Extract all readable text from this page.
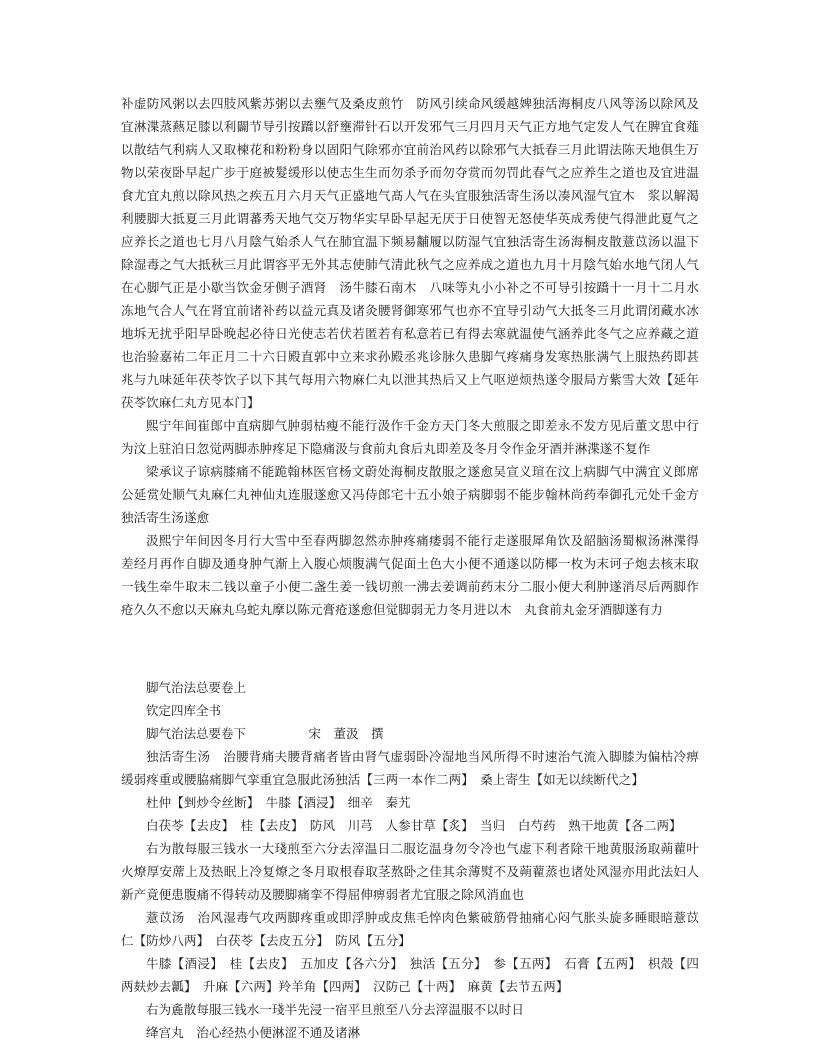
补虚防风粥以去四肢风紫苏粥以去壅气及桑皮煎竹　防风引续命风缓越婢独活海桐皮八风等汤以除风及宜淋渫蒸爇足膝以利闢节导引按蹻以舒壅滞针石以开发邪气三月四月天气正方地气定发人气在脾宜食薤以散结气利病人又取楝花和粉粉身以固阳气除邪亦宜前治风药以除邪气大抵春三月此谓法陈天地俱生万物以荣夜卧早起广步于庭被髮缓形以使志生生而勿杀予而勿夺赏而勿罚此春气之应养生之道也及宜进温食尤宜丸煎以除风热之疾五月六月天气正盛地气髙人气在头宜服独活寄生汤以凑风湿气宜木　浆以解渴利腰脚大抵夏三月此谓蕃秀天地气交万物华实早卧早起无厌于日使智无怒使华英成秀使气得泄此夏气之应养长之道也七月八月陰气始杀人气在肺宜温下频易黼履以防湿气宜独活寄生汤海桐皮散薏苡汤以温下除湿毒之气大抵秋三月此谓容平无外其志使肺气清此秋气之应养成之道也九月十月陰气始水地气闭人气在心脚气正是小歇当饮金牙侧子酒肾　汤牛膝石南木　八味等丸小小补之不可导引按蹻十一月十二月水冻地气合人气在肾宜前诸补药以益元真及诸灸腰肾御寒邪气也亦不宜导引动气大抵冬三月此谓闭藏水冰地坼无扰乎阳早卧晚起必待日光使志若伏若匿若有私意若已有得去寒就温使气涵养此冬气之应养藏之道也治验嘉祐二年正月二十六日殿直郭中立来求孙殿丞兆诊脉久患脚气疼痛身发寒热胀满气上服热药即甚兆与九味延年茯苓饮子以下其气每用六物麻仁丸以泄其热后又上气呕逆烦热遂令服局方紫雪大效【延年茯苓饮麻仁丸方见本门】

熙宁年间崔郎中直病脚气肿弱枯瘦不能行汲作千金方天门冬大煎服之即差永不发方见后董文思中行为汶上驻泊日忽觉两脚赤肿疼足下隐痛汲与食前丸食后丸即差及冬月令作金牙酒并淋渫遂不复作

梁承议子谅病膝痛不能跪翰林医官杨文蔚处海桐皮散服之遂愈吴宣义瑄在汶上病脚气中满宜义郎席公延赏处顺气丸麻仁丸神仙丸连服遂愈又冯侍郎宅十五小娘子病脚弱不能步翰林尚药奉御孔元处千金方独活寄生汤遂愈

汲熙宁年间因冬月行大雪中至春两脚忽然赤肿疼痛痿弱不能行走遂服犀角饮及韶脑汤蜀椒汤淋渫得差经月再作自脚及通身肿气渐上入腹心烦腹满气促面土色大小便不通遂以防椰一枚为末诃子炮去核末取一钱生牵牛取末二钱以童子小便二盏生姜一钱切煎一沸去姜调前药末分二服小便大利肿遂消尽后两脚作疮久久不愈以天麻丸乌蛇丸摩以陈元膏疮遂愈但觉脚弱无力冬月进以木　丸食前丸金牙酒脚遂有力

脚气治法总要卷上

钦定四库全书

脚气治法总要卷下　　　　　宋　董汲　撰

独活寄生汤　治腰背痛夫腰背痛者皆由肾气虚弱卧冷湿地当风所得不时速治气流入脚膝为偏枯冷痹缓弱疼重或腰脇痛脚气挛重宜急服此汤独活【三两一本作二两】　桑上寄生【如无以续断代之】

杜仲【剉炒令丝断】　牛膝【酒浸】　细辛　秦艽

白茯苓【去皮】　桂【去皮】　防风　川芎　人参甘草【炙】　当归　白芍药　熟干地黄【各二两】

右为散每服三钱水一大琖煎至六分去滓温日二服讫温身勿令冷也气虚下利者除干地黄服汤取蒴藋叶火燎厚安蓆上及热眠上冷复燎之冬月取根春取茎熬卧之佳其余薄熨不及蒴藋蒸也诸处风湿亦用此法妇人新产竟便患腹痛不得转动及腰脚痛挛不得屈伸痹弱者尤宜服之除风消血也

薏苡汤　治风湿毒气攻两脚疼重或即浮肿或皮焦毛悴肉色紫破筋骨抽痛心闷气胀头旋多睡眼暗薏苡仁【防炒八两】　白茯苓【去皮五分】　防风【五分】

牛膝【酒浸】　桂【去皮】　五加皮【各六分】　独活【五分】　参【五两】　石膏【五两】　枳殼【四两麸炒去瓤】　升麻【六两】羚羊角【四两】　汉防己【十两】　麻黄【去节五两】

右为麁散每服三钱水一琖半先浸一宿平旦煎至八分去滓温服不以时日

绛宫丸　治心经热小便淋涩不通及诸淋
